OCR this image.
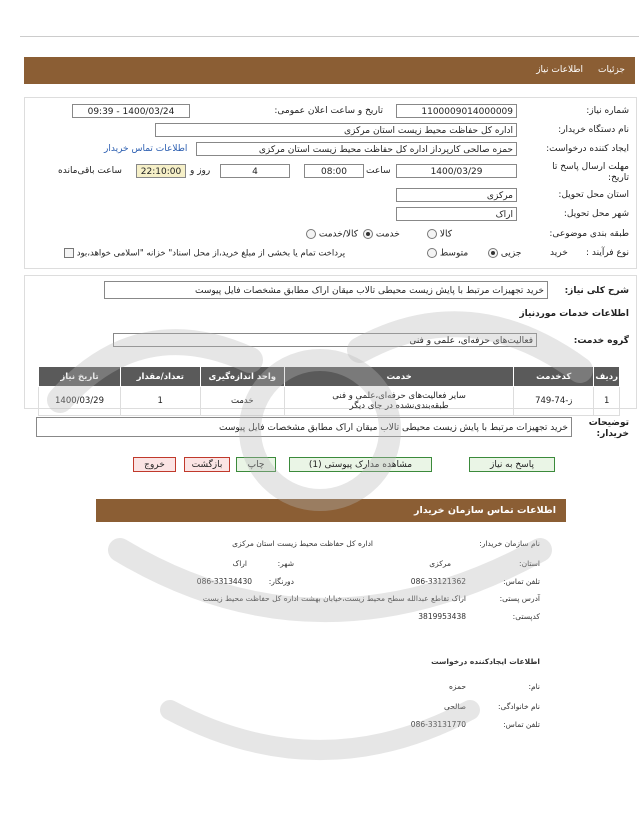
جزئیات
اطلاعات نیاز
شماره نیاز:
1100009014000009
تاریخ و ساعت اعلان عمومی:
1400/03/24 - 09:39
نام دستگاه خریدار:
اداره کل حفاظت محیط زیست استان مرکزی
ایجاد کننده درخواست:
حمزه صالحی کارپرداز اداره کل حفاظت محیط زیست استان مرکزی
اطلاعات تماس خریدار
مهلت ارسال پاسخ تا تاریخ:
1400/03/29
ساعت
08:00
4
روز و
22:10:00
ساعت باقی‌مانده
استان محل تحویل:
مرکزی
شهر محل تحویل:
اراک
طبقه بندی موضوعی:
کالا
خدمت
کالا/خدمت
نوع فرآیند :
خرید
جزیی
متوسط
پرداخت تمام یا بخشی از مبلغ خرید،از محل اسناد" خزانه "اسلامی خواهد،بود
شرح کلی نیاز:
خرید تجهیزات مرتبط با پایش زیست محیطی تالاب میقان اراک مطابق مشخصات فایل پیوست
اطلاعات خدمات موردنیاز
گروه خدمت:
فعالیت‌های حرفه‌ای، علمی و فنی
ردیف	کدخدمت	خدمت	واحد اندازه‌گیری	تعداد/مقدار	تاریخ نیاز
1	ز-74-749	سایر فعالیت‌های حرفه‌ای،علمی و فنی طبقه‌بندی‌نشده در جای دیگر	خدمت	1	1400/03/29
توضیحات خریدار:
خرید تجهیزات مرتبط با پایش زیست محیطی تالاب میقان اراک مطابق مشخصات فایل پیوست
پاسخ به نیاز
مشاهده مدارک پیوستی (1)
چاپ
بازگشت
خروج
اطلاعات تماس سازمان خریدار
نام سازمان خریدار:
اداره کل حفاظت محیط زیست استان مرکزی
استان:
مرکزی
شهر:
اراک
تلفن تماس:
086-33121362
دورنگار:
086-33134430
آدرس پستی:
اراک تقاطع عبدالله سطح محیط زیست،خیابان بهشت اداره کل حفاظت محیط زیست
کدپستی:
3819953438
اطلاعات ایجادکننده درخواست
نام:
حمزه
نام خانوادگی:
صالحی
تلفن تماس:
086-33131770
